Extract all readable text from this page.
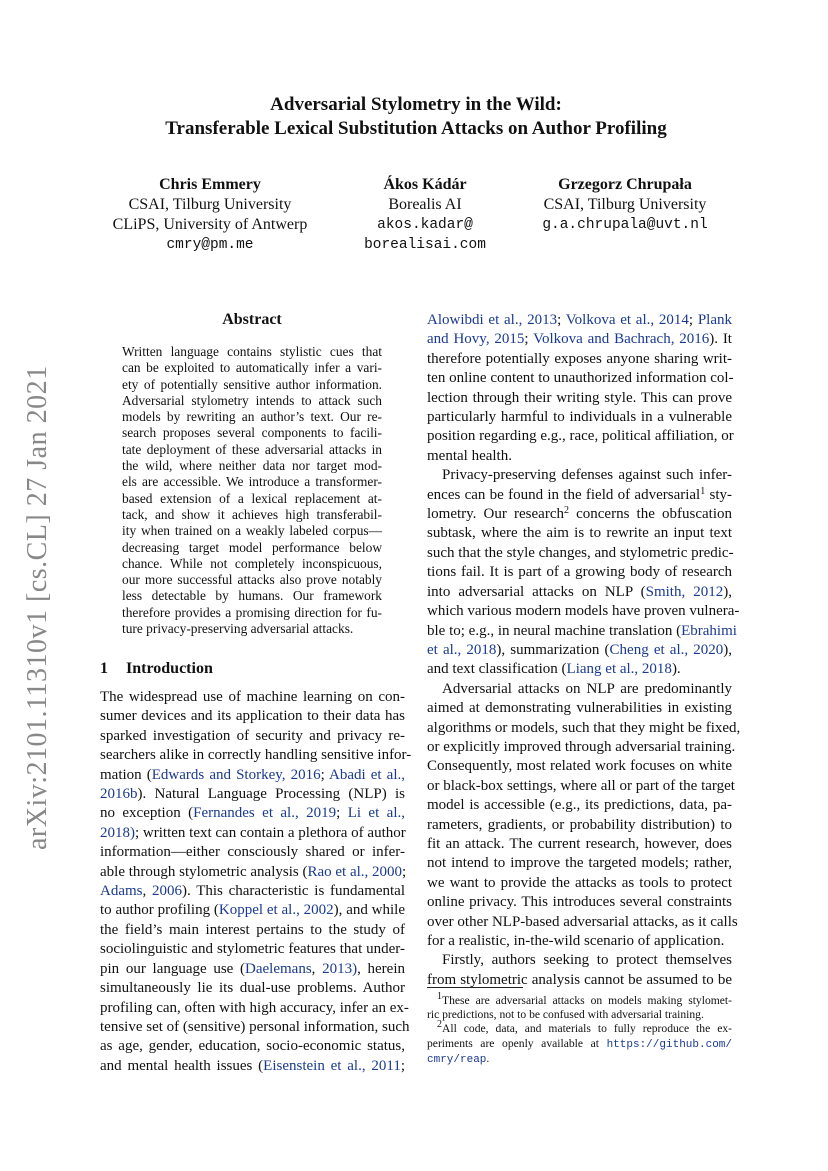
arXiv:2101.11310v1 [cs.CL] 27 Jan 2021
Adversarial Stylometry in the Wild:
Transferable Lexical Substitution Attacks on Author Profiling
Chris Emmery
CSAI, Tilburg University
CLiPS, University of Antwerp
cmry@pm.me
Ákos Kádár
Borealis AI
akos.kadar@
borealisai.com
Grzegorz Chrupała
CSAI, Tilburg University
g.a.chrupala@uvt.nl
Abstract
Written language contains stylistic cues that
can be exploited to automatically infer a vari-
ety of potentially sensitive author information.
Adversarial stylometry intends to attack such
models by rewriting an author’s text. Our re-
search proposes several components to facili-
tate deployment of these adversarial attacks in
the wild, where neither data nor target mod-
els are accessible. We introduce a transformer-
based extension of a lexical replacement at-
tack, and show it achieves high transferabil-
ity when trained on a weakly labeled corpus—
decreasing target model performance below
chance. While not completely inconspicuous,
our more successful attacks also prove notably
less detectable by humans. Our framework
therefore provides a promising direction for fu-
ture privacy-preserving adversarial attacks.
1 Introduction
The widespread use of machine learning on con-
sumer devices and its application to their data has
sparked investigation of security and privacy re-
searchers alike in correctly handling sensitive infor-
mation (Edwards and Storkey, 2016; Abadi et al.,
2016b). Natural Language Processing (NLP) is
no exception (Fernandes et al., 2019; Li et al.,
2018); written text can contain a plethora of author
information—either consciously shared or infer-
able through stylometric analysis (Rao et al., 2000;
Adams, 2006). This characteristic is fundamental
to author profiling (Koppel et al., 2002), and while
the field’s main interest pertains to the study of
sociolinguistic and stylometric features that under-
pin our language use (Daelemans, 2013), herein
simultaneously lie its dual-use problems. Author
profiling can, often with high accuracy, infer an ex-
tensive set of (sensitive) personal information, such
as age, gender, education, socio-economic status,
and mental health issues (Eisenstein et al., 2011;
Alowibdi et al., 2013; Volkova et al., 2014; Plank
and Hovy, 2015; Volkova and Bachrach, 2016). It
therefore potentially exposes anyone sharing writ-
ten online content to unauthorized information col-
lection through their writing style. This can prove
particularly harmful to individuals in a vulnerable
position regarding e.g., race, political affiliation, or
mental health.
Privacy-preserving defenses against such infer-
ences can be found in the field of adversarial$^1$ sty-
lometry. Our research$^2$ concerns the obfuscation
subtask, where the aim is to rewrite an input text
such that the style changes, and stylometric predic-
tions fail. It is part of a growing body of research
into adversarial attacks on NLP (Smith, 2012),
which various modern models have proven vulnera-
ble to; e.g., in neural machine translation (Ebrahimi
et al., 2018), summarization (Cheng et al., 2020),
and text classification (Liang et al., 2018).
Adversarial attacks on NLP are predominantly
aimed at demonstrating vulnerabilities in existing
algorithms or models, such that they might be fixed,
or explicitly improved through adversarial training.
Consequently, most related work focuses on white
or black-box settings, where all or part of the target
model is accessible (e.g., its predictions, data, pa-
rameters, gradients, or probability distribution) to
fit an attack. The current research, however, does
not intend to improve the targeted models; rather,
we want to provide the attacks as tools to protect
online privacy. This introduces several constraints
over other NLP-based adversarial attacks, as it calls
for a realistic, in-the-wild scenario of application.
Firstly, authors seeking to protect themselves
from stylometric analysis cannot be assumed to be
$^1$These are adversarial attacks on models making stylomet-
ric predictions, not to be confused with adversarial training.
$^2$All code, data, and materials to fully reproduce the ex-
periments are openly available at https://github.com/
cmry/reap.
